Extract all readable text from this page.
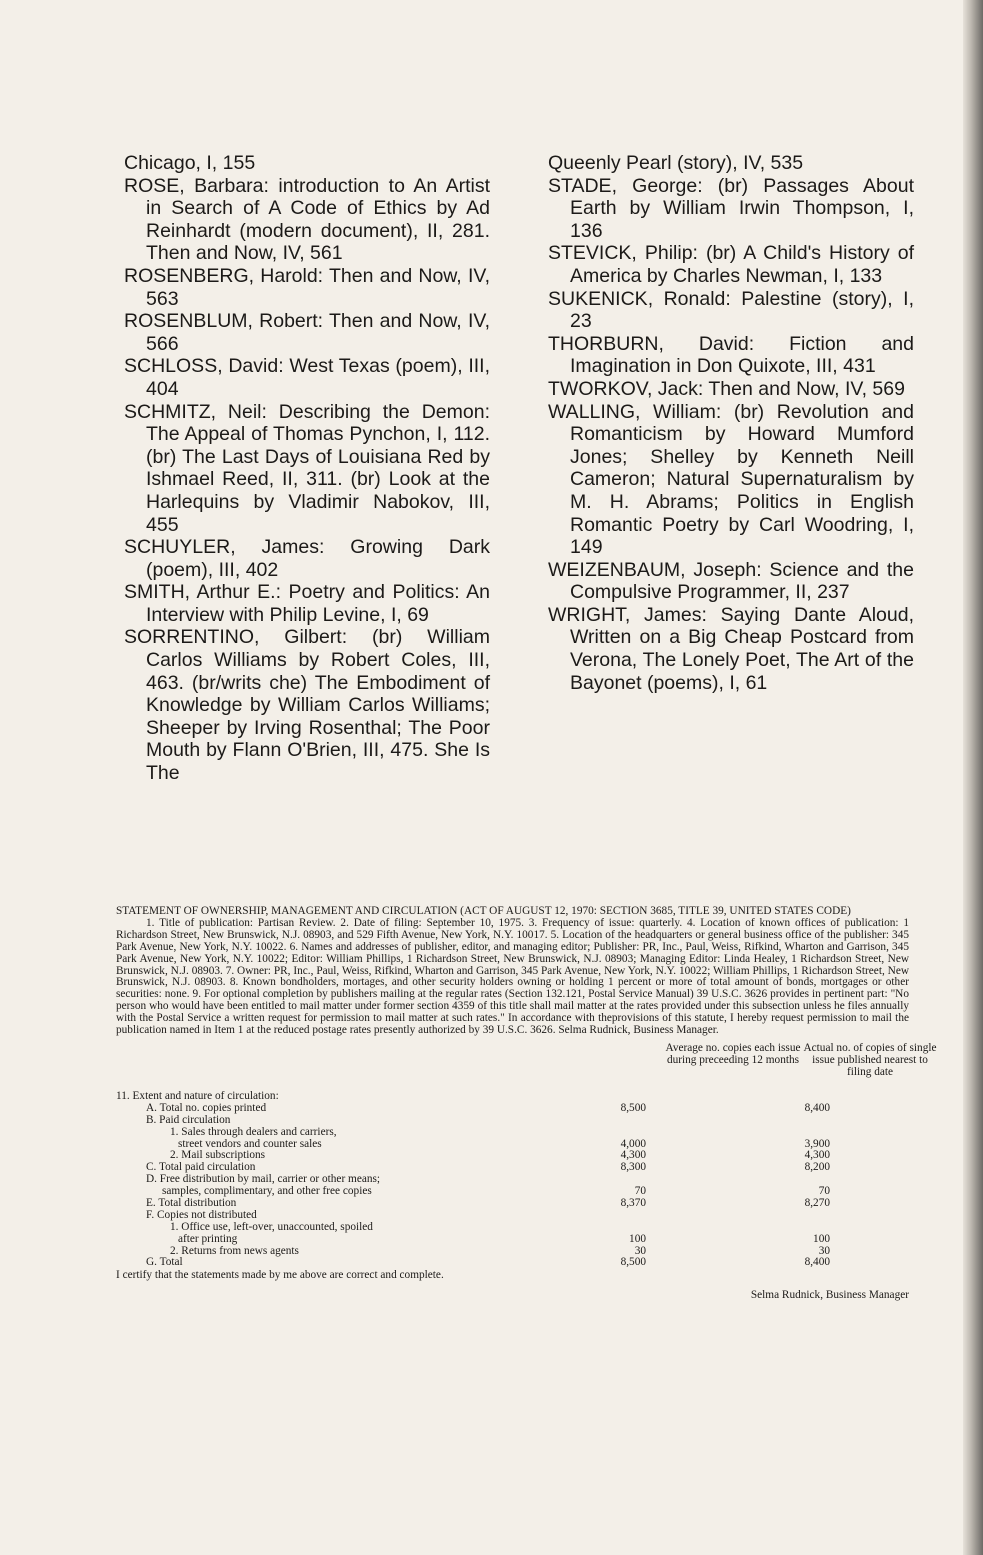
Chicago, I, 155
ROSE, Barbara: introduction to An Artist in Search of A Code of Ethics by Ad Reinhardt (modern document), II, 281. Then and Now, IV, 561
ROSENBERG, Harold: Then and Now, IV, 563
ROSENBLUM, Robert: Then and Now, IV, 566
SCHLOSS, David: West Texas (poem), III, 404
SCHMITZ, Neil: Describing the Demon: The Appeal of Thomas Pynchon, I, 112. (br) The Last Days of Louisiana Red by Ishmael Reed, II, 311. (br) Look at the Harlequins by Vladimir Nabokov, III, 455
SCHUYLER, James: Growing Dark (poem), III, 402
SMITH, Arthur E.: Poetry and Politics: An Interview with Philip Levine, I, 69
SORRENTINO, Gilbert: (br) William Carlos Williams by Robert Coles, III, 463. (br/writs che) The Embodiment of Knowledge by William Carlos Williams; Sheeper by Irving Rosenthal; The Poor Mouth by Flann O'Brien, III, 475. She Is The
Queenly Pearl (story), IV, 535
STADE, George: (br) Passages About Earth by William Irwin Thompson, I, 136
STEVICK, Philip: (br) A Child's History of America by Charles Newman, I, 133
SUKENICK, Ronald: Palestine (story), I, 23
THORBURN, David: Fiction and Imagination in Don Quixote, III, 431
TWORKOV, Jack: Then and Now, IV, 569
WALLING, William: (br) Revolution and Romanticism by Howard Mumford Jones; Shelley by Kenneth Neill Cameron; Natural Supernaturalism by M. H. Abrams; Politics in English Romantic Poetry by Carl Woodring, I, 149
WEIZENBAUM, Joseph: Science and the Compulsive Programmer, II, 237
WRIGHT, James: Saying Dante Aloud, Written on a Big Cheap Postcard from Verona, The Lonely Poet, The Art of the Bayonet (poems), I, 61
STATEMENT OF OWNERSHIP, MANAGEMENT AND CIRCULATION (ACT OF AUGUST 12, 1970: SECTION 3685, TITLE 39, UNITED STATES CODE)
1. Title of publication: Partisan Review. 2. Date of filing: September 10, 1975. 3. Frequency of issue: quarterly. 4. Location of known offices of publication: 1 Richardson Street, New Brunswick, N.J. 08903, and 529 Fifth Avenue, New York, N.Y. 10017. 5. Location of the headquarters or general business office of the publisher: 345 Park Avenue, New York, N.Y. 10022. 6. Names and addresses of publisher, editor, and managing editor; Publisher: PR, Inc., Paul, Weiss, Rifkind, Wharton and Garrison, 345 Park Avenue, New York, N.Y. 10022; Editor: William Phillips, 1 Richardson Street, New Brunswick, N.J. 08903; Managing Editor: Linda Healey, 1 Richardson Street, New Brunswick, N.J. 08903. 7. Owner: PR, Inc., Paul, Weiss, Rifkind, Wharton and Garrison, 345 Park Avenue, New York, N.Y. 10022; William Phillips, 1 Richardson Street, New Brunswick, N.J. 08903. 8. Known bondholders, mortages, and other security holders owning or holding 1 percent or more of total amount of bonds, mortgages or other securities: none. 9. For optional completion by publishers mailing at the regular rates (Section 132.121, Postal Service Manual) 39 U.S.C. 3626 provides in pertinent part: "No person who would have been entitled to mail matter under former section 4359 of this title shall mail matter at the rates provided under this subsection unless he files annually with the Postal Service a written request for permission to mail matter at such rates." In accordance with theprovisions of this statute, I hereby request permission to mail the publication named in Item 1 at the reduced postage rates presently authorized by 39 U.S.C. 3626. Selma Rudnick, Business Manager.
Average no. copies each issue during preceeding 12 months
Actual no. of copies of single issue published nearest to filing date
11. Extent and nature of circulation:
A. Total no. copies printed	8,500	8,400
B. Paid circulation
1. Sales through dealers and carriers,
street vendors and counter sales	4,000	3,900
2. Mail subscriptions	4,300	4,300
C. Total paid circulation	8,300	8,200
D. Free distribution by mail, carrier or other means;
samples, complimentary, and other free copies	70	70
E. Total distribution	8,370	8,270
F. Copies not distributed
1. Office use, left-over, unaccounted, spoiled
after printing	100	100
2. Returns from news agents	30	30
G. Total	8,500	8,400
I certify that the statements made by me above are correct and complete.
Selma Rudnick, Business Manager
